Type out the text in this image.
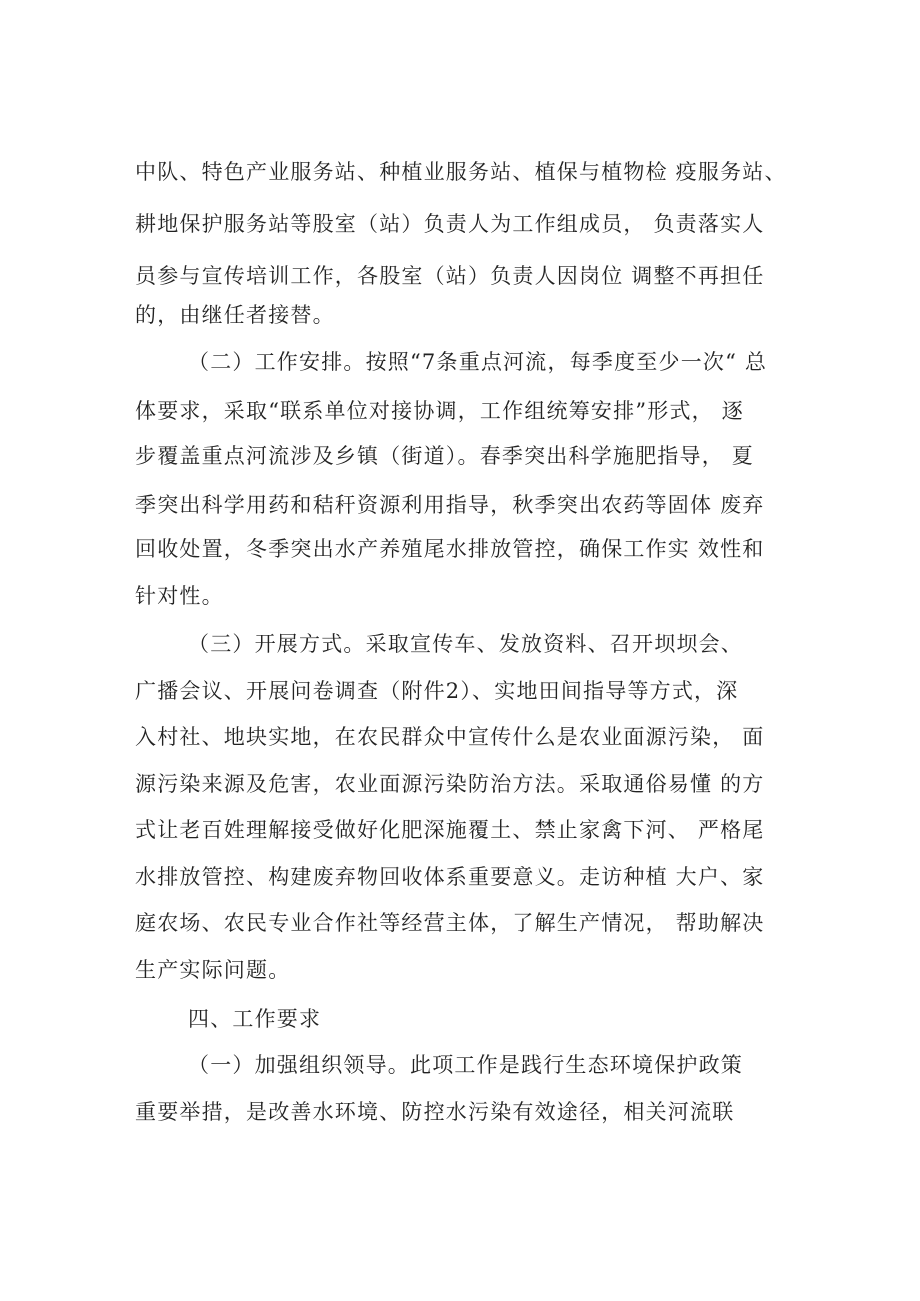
中队、特色产业服务站、种植业服务站、植保与植物检 疫服务站、
耕地保护服务站等股室（站）负责人为工作组成员， 负责落实人
员参与宣传培训工作，各股室（站）负责人因岗位 调整不再担任
的，由继任者接替。
（二）工作安排。按照“7条重点河流，每季度至少一次“ 总
体要求，采取“联系单位对接协调，工作组统筹安排”形式， 逐
步覆盖重点河流涉及乡镇（街道）。春季突出科学施肥指导， 夏
季突出科学用药和秸秆资源利用指导，秋季突出农药等固体 废弃
回收处置，冬季突出水产养殖尾水排放管控，确保工作实 效性和
针对性。
（三）开展方式。采取宣传车、发放资料、召开坝坝会、
广播会议、开展问卷调查（附件2）、实地田间指导等方式，深
入村社、地块实地，在农民群众中宣传什么是农业面源污染， 面
源污染来源及危害，农业面源污染防治方法。采取通俗易懂 的方
式让老百姓理解接受做好化肥深施覆土、禁止家禽下河、 严格尾
水排放管控、构建废弃物回收体系重要意义。走访种植 大户、家
庭农场、农民专业合作社等经营主体，了解生产情况， 帮助解决
生产实际问题。
四、工作要求
（一）加强组织领导。此项工作是践行生态环境保护政策
重要举措，是改善水环境、防控水污染有效途径，相关河流联
